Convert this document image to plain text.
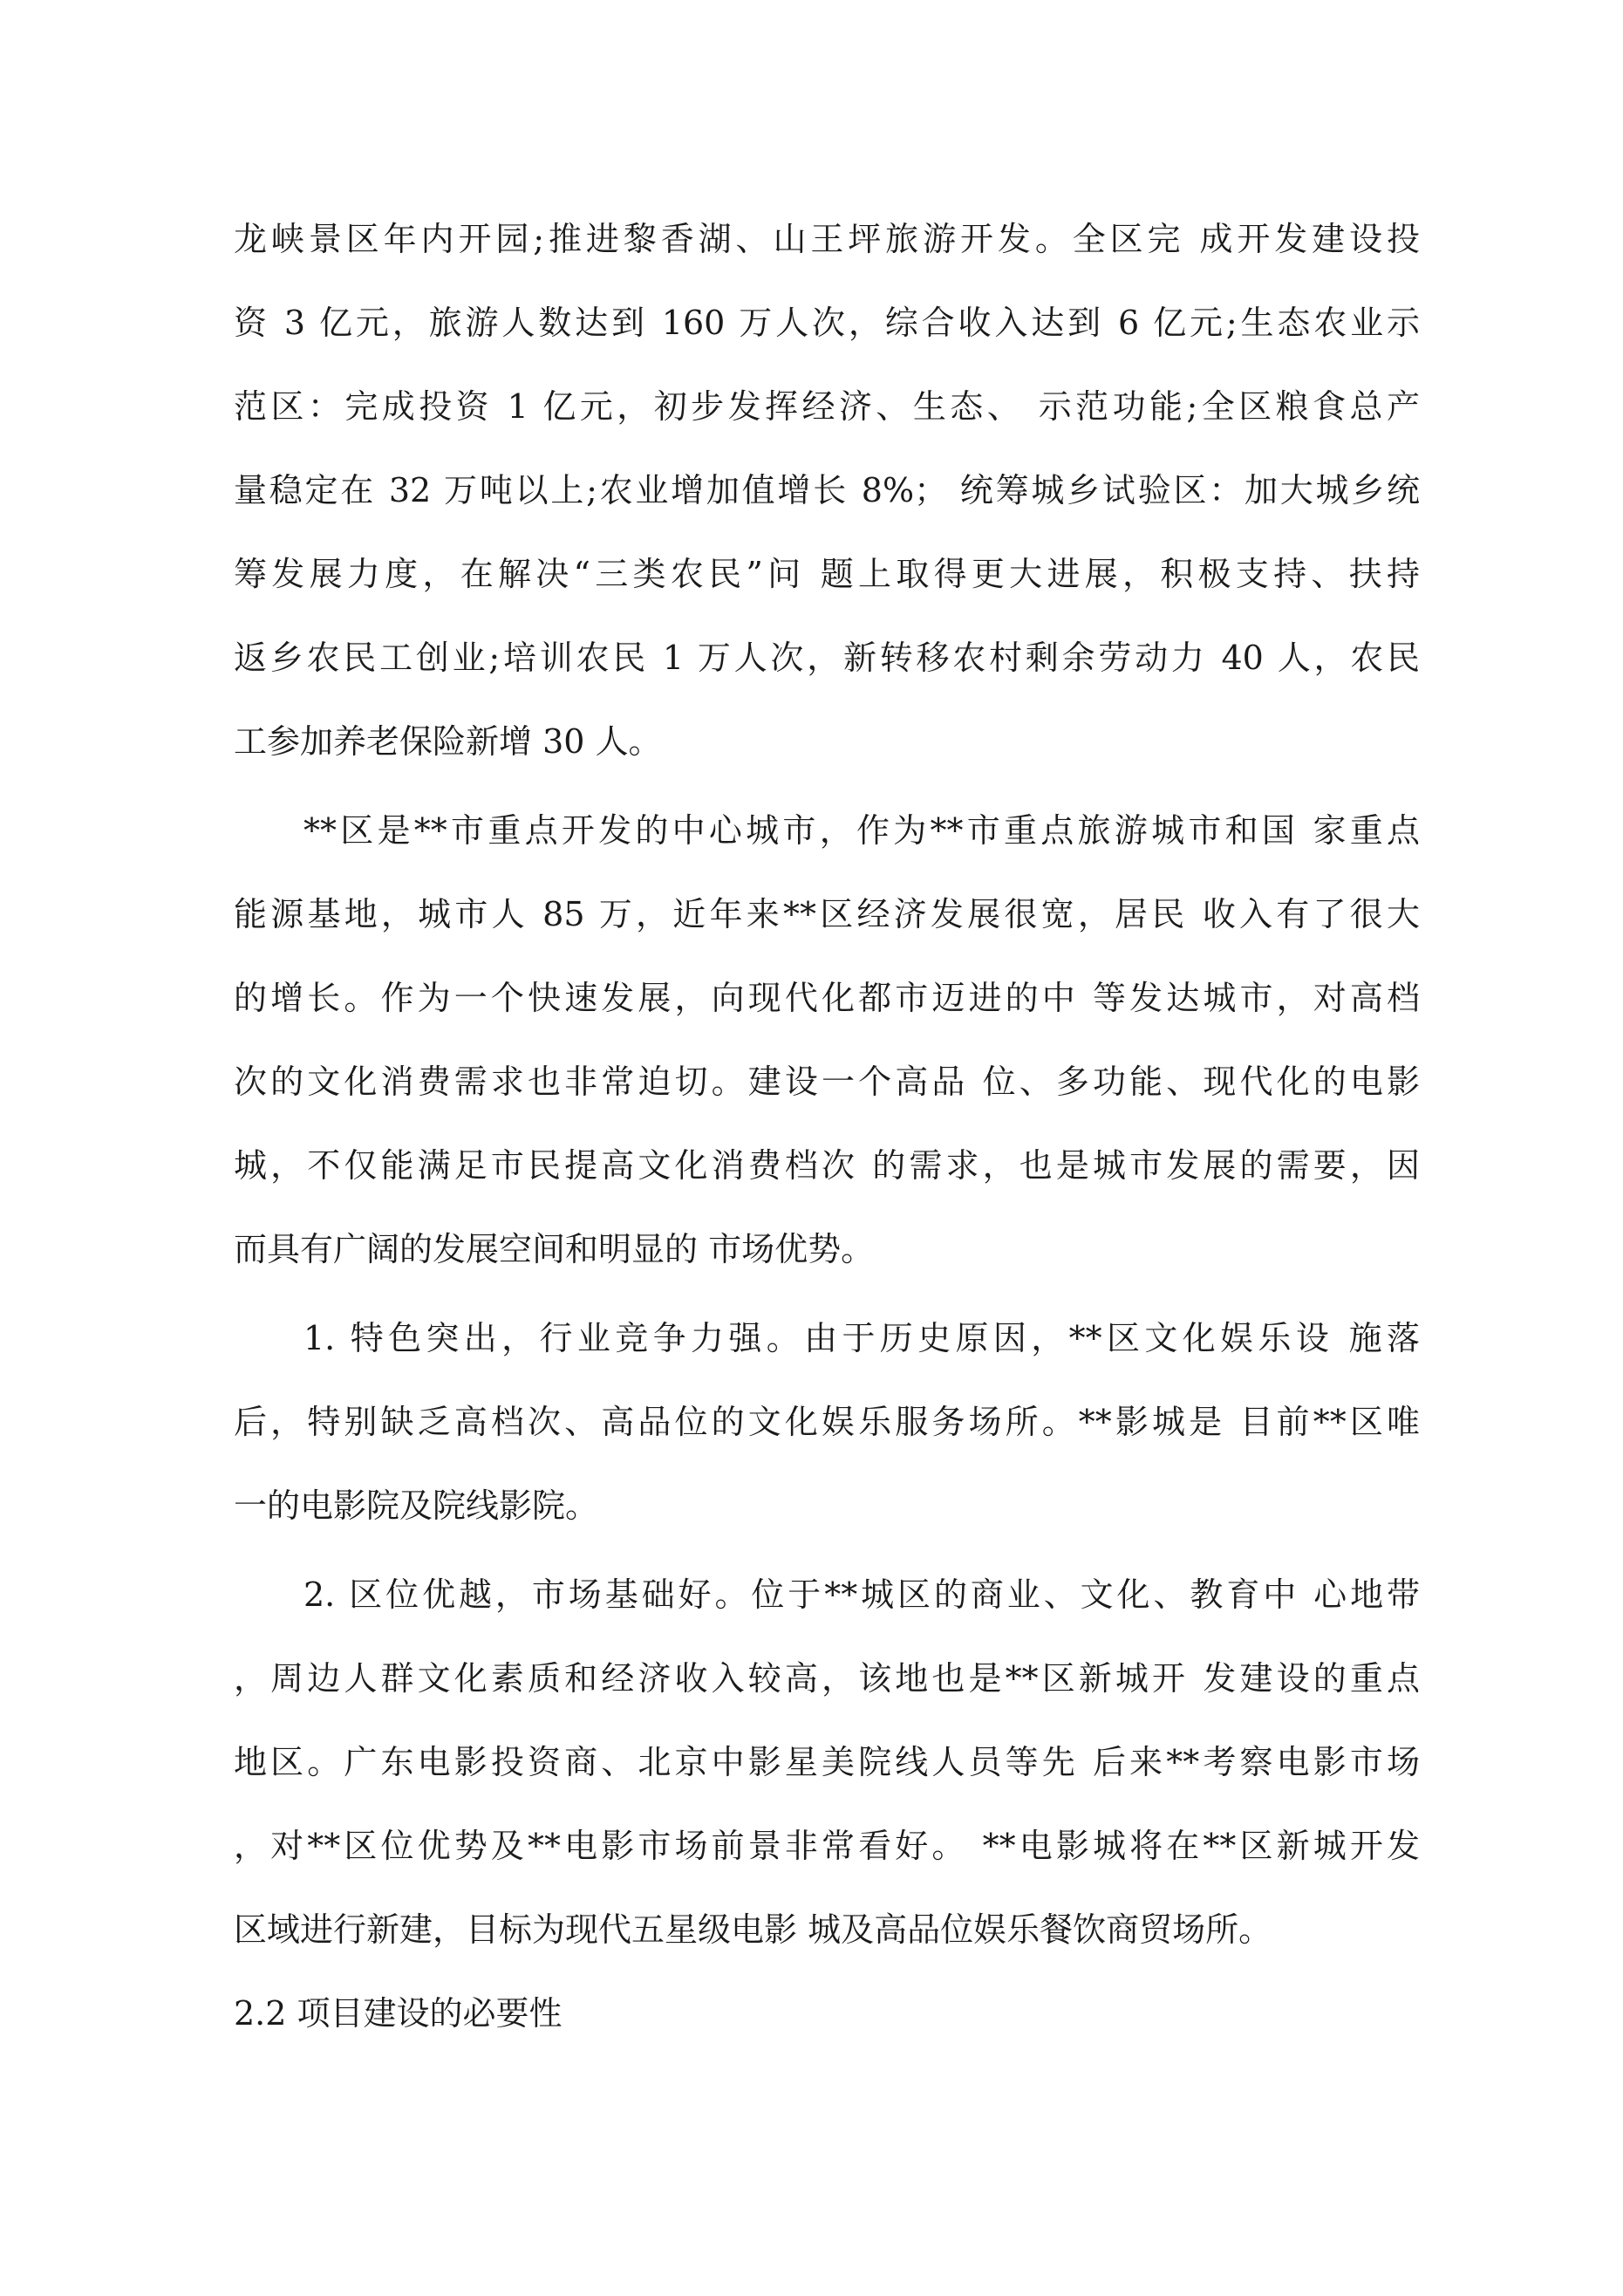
龙峡景区年内开园;推进黎香湖、山王坪旅游开发。全区完 成开发建设投
资 3 亿元，旅游人数达到 160 万人次，综合收入达到 6 亿元;生态农业示
范区：完成投资 1 亿元，初步发挥经济、生态、 示范功能;全区粮食总产
量稳定在 32 万吨以上;农业增加值增长 8%； 统筹城乡试验区：加大城乡统
筹发展力度，在解决“三类农民”问 题上取得更大进展，积极支持、扶持
返乡农民工创业;培训农民 1 万人次，新转移农村剩余劳动力 40 人，农民
工参加养老保险新增 30 人。
**区是**市重点开发的中心城市，作为**市重点旅游城市和国 家重点
能源基地，城市人 85 万，近年来**区经济发展很宽，居民 收入有了很大
的增长。作为一个快速发展，向现代化都市迈进的中 等发达城市，对高档
次的文化消费需求也非常迫切。建设一个高品 位、多功能、现代化的电影
城，不仅能满足市民提高文化消费档次 的需求，也是城市发展的需要，因
而具有广阔的发展空间和明显的 市场优势。
1. 特色突出，行业竞争力强。由于历史原因，**区文化娱乐设 施落
后，特别缺乏高档次、高品位的文化娱乐服务场所。**影城是 目前**区唯
一的电影院及院线影院。
2. 区位优越，市场基础好。位于**城区的商业、文化、教育中 心地带
，周边人群文化素质和经济收入较高，该地也是**区新城开 发建设的重点
地区。广东电影投资商、北京中影星美院线人员等先 后来**考察电影市场
，对**区位优势及**电影市场前景非常看好。 **电影城将在**区新城开发
区域进行新建，目标为现代五星级电影 城及高品位娱乐餐饮商贸场所。
2.2 项目建设的必要性
